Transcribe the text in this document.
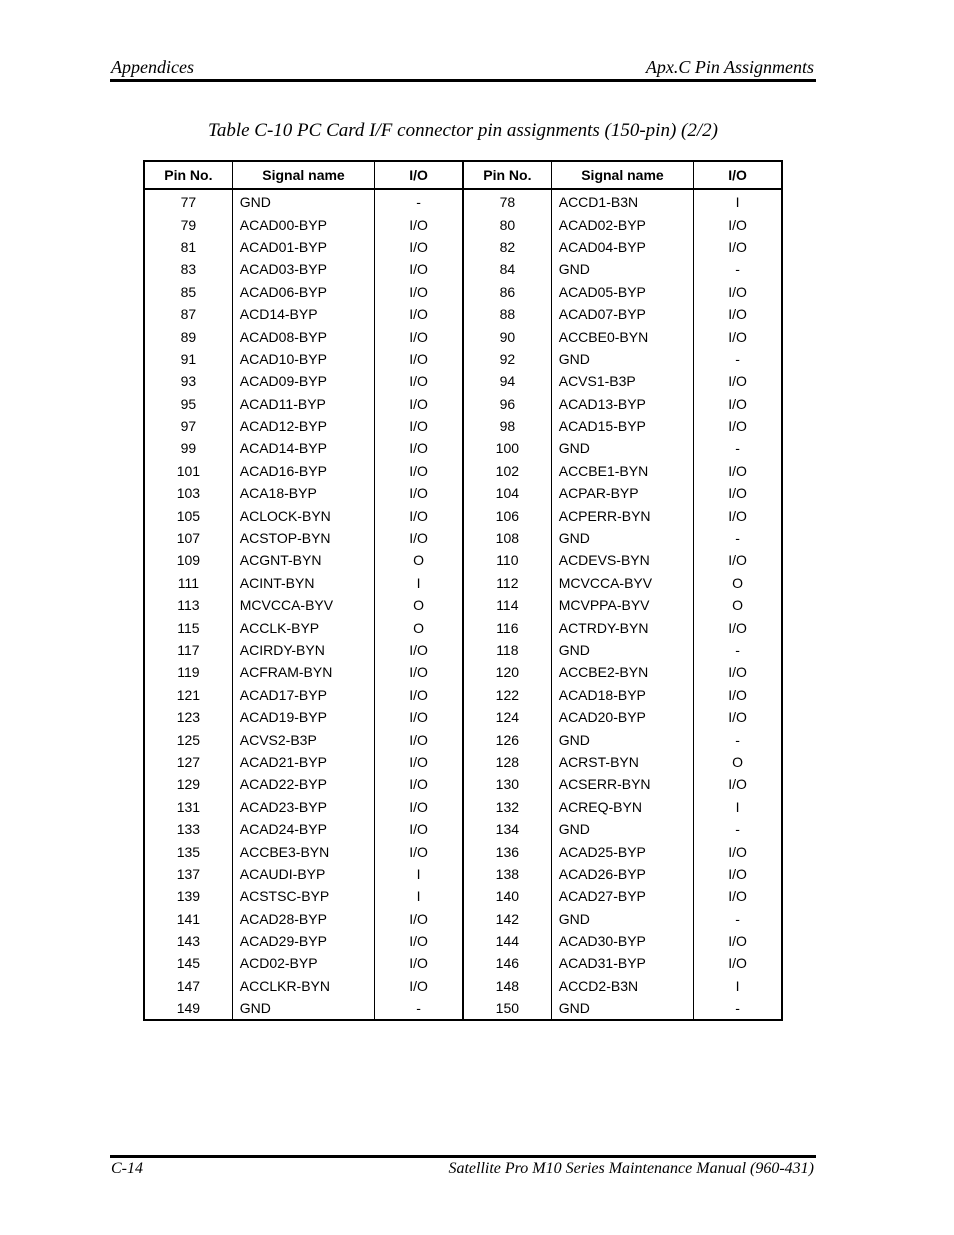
Appendices	Apx.C Pin Assignments
Table C-10 PC Card I/F connector pin assignments (150-pin) (2/2)
Pin No.	Signal name	I/O	Pin No.	Signal name	I/O
77	GND	-	78	ACCD1-B3N	I
79	ACAD00-BYP	I/O	80	ACAD02-BYP	I/O
81	ACAD01-BYP	I/O	82	ACAD04-BYP	I/O
83	ACAD03-BYP	I/O	84	GND	-
85	ACAD06-BYP	I/O	86	ACAD05-BYP	I/O
87	ACD14-BYP	I/O	88	ACAD07-BYP	I/O
89	ACAD08-BYP	I/O	90	ACCBE0-BYN	I/O
91	ACAD10-BYP	I/O	92	GND	-
93	ACAD09-BYP	I/O	94	ACVS1-B3P	I/O
95	ACAD11-BYP	I/O	96	ACAD13-BYP	I/O
97	ACAD12-BYP	I/O	98	ACAD15-BYP	I/O
99	ACAD14-BYP	I/O	100	GND	-
101	ACAD16-BYP	I/O	102	ACCBE1-BYN	I/O
103	ACA18-BYP	I/O	104	ACPAR-BYP	I/O
105	ACLOCK-BYN	I/O	106	ACPERR-BYN	I/O
107	ACSTOP-BYN	I/O	108	GND	-
109	ACGNT-BYN	O	110	ACDEVS-BYN	I/O
111	ACINT-BYN	I	112	MCVCCA-BYV	O
113	MCVCCA-BYV	O	114	MCVPPA-BYV	O
115	ACCLK-BYP	O	116	ACTRDY-BYN	I/O
117	ACIRDY-BYN	I/O	118	GND	-
119	ACFRAM-BYN	I/O	120	ACCBE2-BYN	I/O
121	ACAD17-BYP	I/O	122	ACAD18-BYP	I/O
123	ACAD19-BYP	I/O	124	ACAD20-BYP	I/O
125	ACVS2-B3P	I/O	126	GND	-
127	ACAD21-BYP	I/O	128	ACRST-BYN	O
129	ACAD22-BYP	I/O	130	ACSERR-BYN	I/O
131	ACAD23-BYP	I/O	132	ACREQ-BYN	I
133	ACAD24-BYP	I/O	134	GND	-
135	ACCBE3-BYN	I/O	136	ACAD25-BYP	I/O
137	ACAUDI-BYP	I	138	ACAD26-BYP	I/O
139	ACSTSC-BYP	I	140	ACAD27-BYP	I/O
141	ACAD28-BYP	I/O	142	GND	-
143	ACAD29-BYP	I/O	144	ACAD30-BYP	I/O
145	ACD02-BYP	I/O	146	ACAD31-BYP	I/O
147	ACCLKR-BYN	I/O	148	ACCD2-B3N	I
149	GND	-	150	GND	-
C-14	Satellite Pro M10 Series Maintenance Manual (960-431)
